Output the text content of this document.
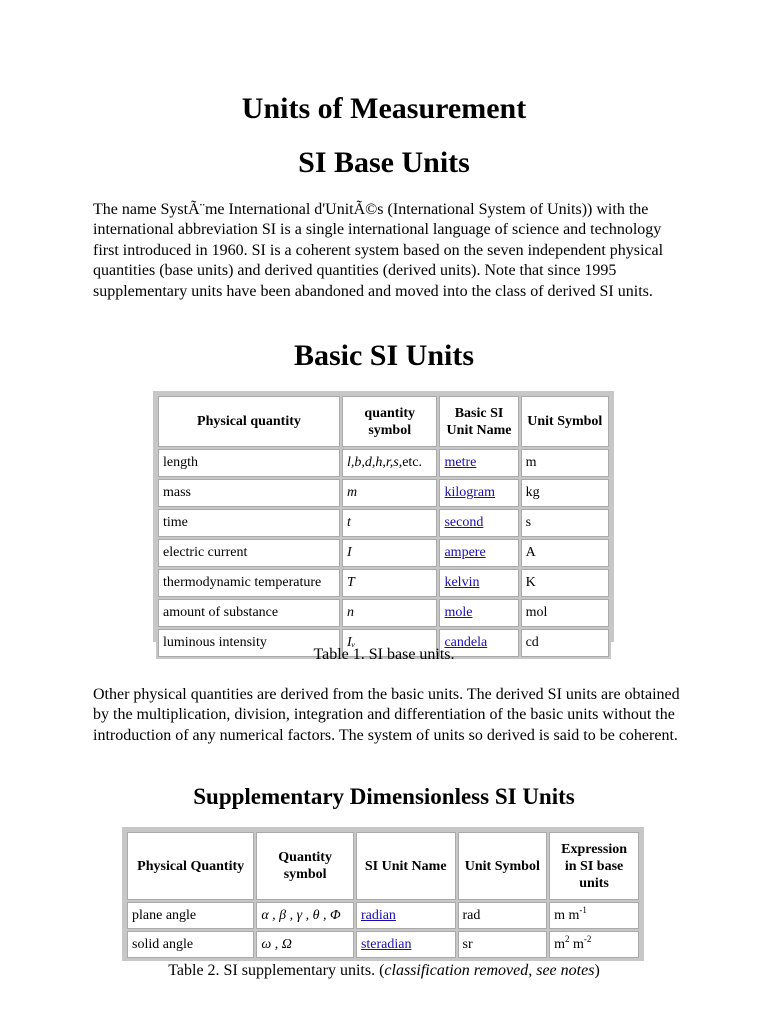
Units of Measurement
SI Base Units

The name SystÃ¨me International d'UnitÃ©s (International System of Units)) with the international abbreviation SI is a single international language of science and technology first introduced in 1960. SI is a coherent system based on the seven independent physical quantities (base units) and derived quantities (derived units). Note that since 1995 supplementary units have been abandoned and moved into the class of derived SI units.

Basic SI Units
Physical quantity	quantity symbol	Basic SI Unit Name	Unit Symbol
length	l,b,d,h,r,s,etc.	metre	m
mass	m	kilogram	kg
time	t	second	s
electric current	I	ampere	A
thermodynamic temperature	T	kelvin	K
amount of substance	n	mole	mol
luminous intensity	Iᵥ	candela	cd

Table 1. SI base units.

Other physical quantities are derived from the basic units. The derived SI units are obtained by the multiplication, division, integration and differentiation of the basic units without the introduction of any numerical factors. The system of units so derived is said to be coherent.

Supplementary Dimensionless SI Units
Physical Quantity	Quantity symbol	SI Unit Name	Unit Symbol	Expression in SI base units
plane angle	α , β , γ , θ , Φ	radian	rad	m $m^{-1}$
solid angle	ω , Ω	steradian	sr	$m^2$ $m^{-2}$

Table 2. SI supplementary units. (classification removed, see notes)
